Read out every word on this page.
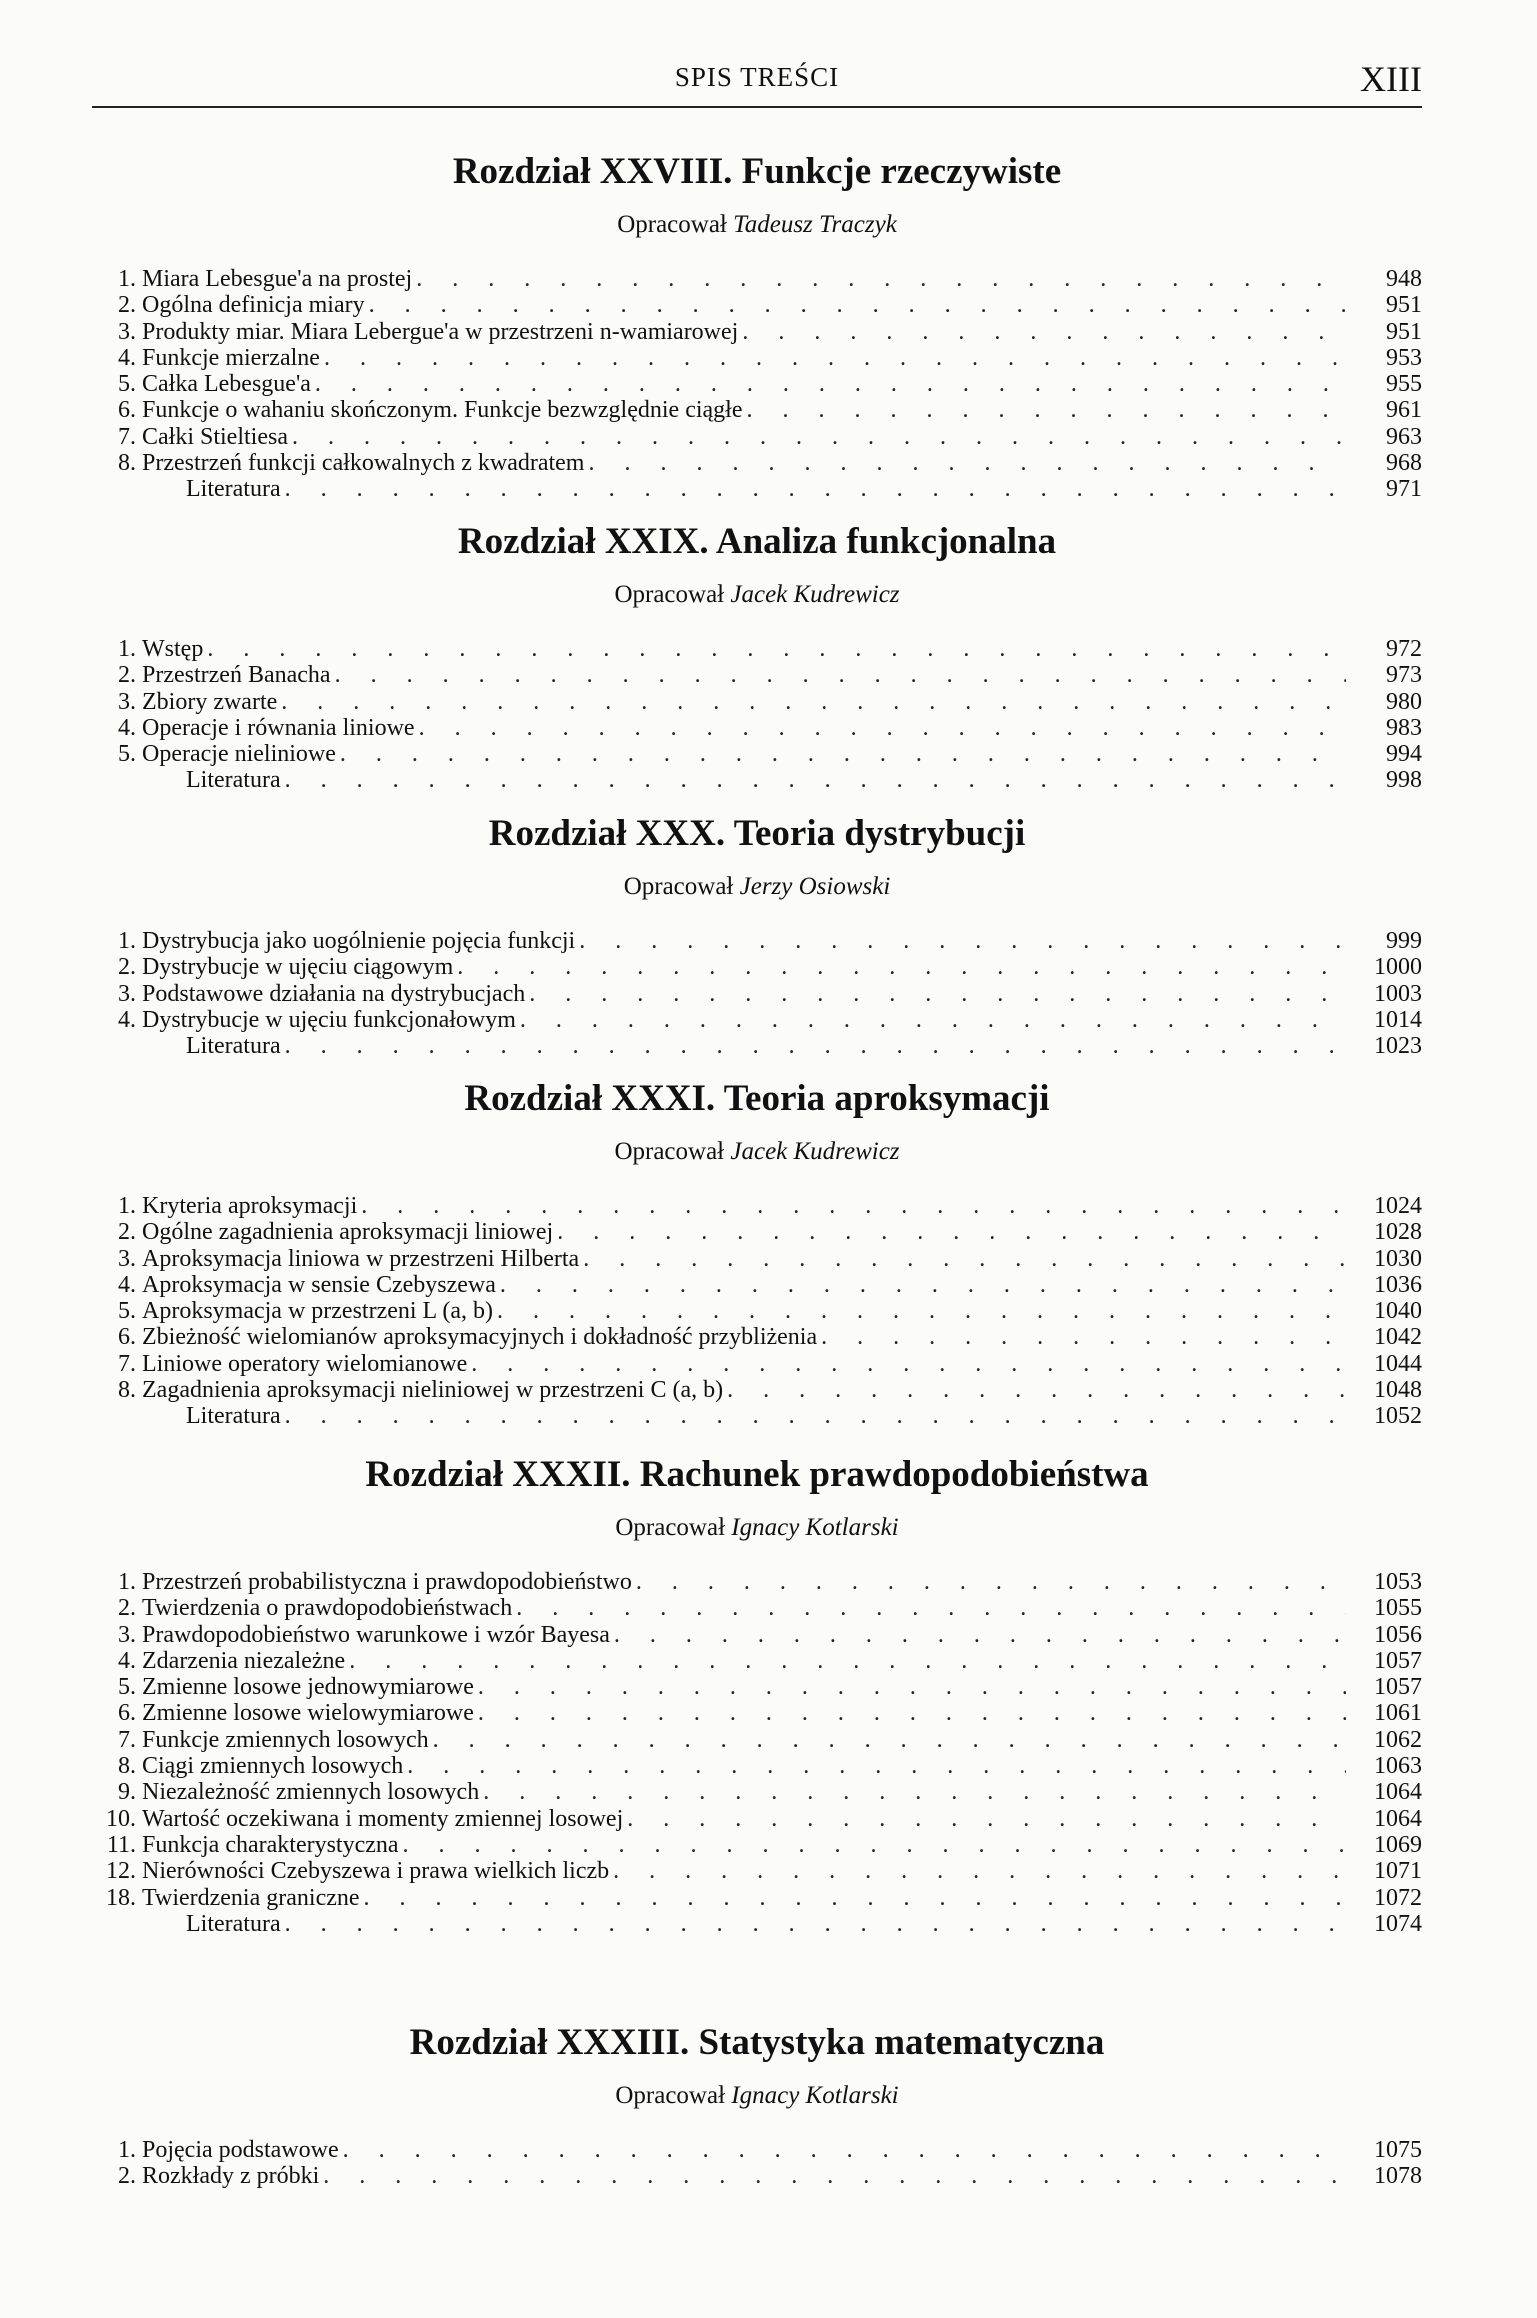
SPIS TREŚCI	XIII
Rozdział XXVIII. Funkcje rzeczywiste
Opracował Tadeusz Traczyk
1. Miara Lebesgue'a na prostej . . .	948
2. Ogólna definicja miary . . .	951
3. Produkty miar. Miara Lebergue'a w przestrzeni n-wamiarowej . . .	951
4. Funkcje mierzalne . . .	953
5. Całka Lebesgue'a . . .	955
6. Funkcje o wahaniu skończonym. Funkcje bezwzględnie ciągłe . . .	961
7. Całki Stieltiesa . . .	963
8. Przestrzeń funkcji całkowalnych z kwadratem . . .	968
Literatura . . .	971
Rozdział XXIX. Analiza funkcjonalna
Opracował Jacek Kudrewicz
1. Wstęp . . .	972
2. Przestrzeń Banacha . . .	973
3. Zbiory zwarte . . .	980
4. Operacje i równania liniowe . . .	983
5. Operacje nieliniowe . . .	994
Literatura . . .	998
Rozdział XXX. Teoria dystrybucji
Opracował Jerzy Osiowski
1. Dystrybucja jako uogólnienie pojęcia funkcji . . .	999
2. Dystrybucje w ujęciu ciągowym . . .	1000
3. Podstawowe działania na dystrybucjach . . .	1003
4. Dystrybucje w ujęciu funkcjonałowym . . .	1014
Literatura . . .	1023
Rozdział XXXI. Teoria aproksymacji
Opracował Jacek Kudrewicz
1. Kryteria aproksymacji . . .	1024
2. Ogólne zagadnienia aproksymacji liniowej . . .	1028
3. Aproksymacja liniowa w przestrzeni Hilberta . . .	1030
4. Aproksymacja w sensie Czebyszewa . . .	1036
5. Aproksymacja w przestrzeni L (a, b) . . .	1040
6. Zbieżność wielomianów aproksymacyjnych i dokładność przybliżenia . . .	1042
7. Liniowe operatory wielomianowe . . .	1044
8. Zagadnienia aproksymacji nieliniowej w przestrzeni C (a, b) . . .	1048
Literatura . . .	1052
Rozdział XXXII. Rachunek prawdopodobieństwa
Opracował Ignacy Kotlarski
1. Przestrzeń probabilistyczna i prawdopodobieństwo . . .	1053
2. Twierdzenia o prawdopodobieństwach . . .	1055
3. Prawdopodobieństwo warunkowe i wzór Bayesa . . .	1056
4. Zdarzenia niezależne . . .	1057
5. Zmienne losowe jednowymiarowe . . .	1057
6. Zmienne losowe wielowymiarowe . . .	1061
7. Funkcje zmiennych losowych . . .	1062
8. Ciągi zmiennych losowych . . .	1063
9. Niezależność zmiennych losowych . . .	1064
10. Wartość oczekiwana i momenty zmiennej losowej . . .	1064
11. Funkcja charakterystyczna . . .	1069
12. Nierówności Czebyszewa i prawa wielkich liczb . . .	1071
18. Twierdzenia graniczne . . .	1072
Literatura . . .	1074
Rozdział XXXIII. Statystyka matematyczna
Opracował Ignacy Kotlarski
1. Pojęcia podstawowe . . .	1075
2. Rozkłady z próbki . . .	1078
